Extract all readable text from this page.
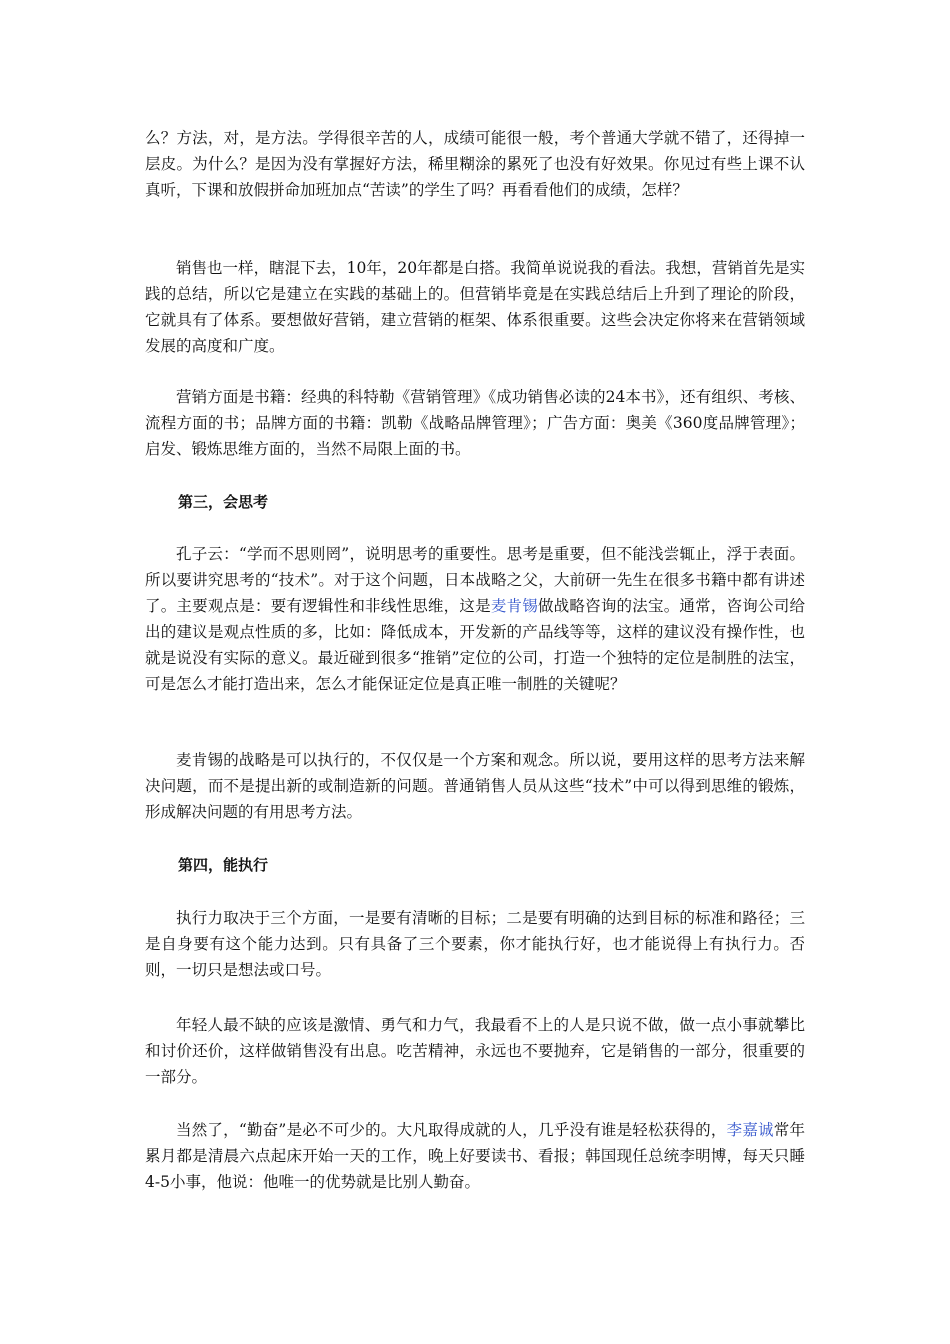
么？方法，对，是方法。学得很辛苦的人，成绩可能很一般，考个普通大学就不错了，还得掉一层皮。为什么？是因为没有掌握好方法，稀里糊涂的累死了也没有好效果。你见过有些上课不认真听，下课和放假拼命加班加点“苦读”的学生了吗？再看看他们的成绩，怎样？

销售也一样，瞎混下去，10年，20年都是白搭。我简单说说我的看法。我想，营销首先是实践的总结，所以它是建立在实践的基础上的。但营销毕竟是在实践总结后上升到了理论的阶段，它就具有了体系。要想做好营销，建立营销的框架、体系很重要。这些会决定你将来在营销领域发展的高度和广度。

营销方面是书籍：经典的科特勒《营销管理》《成功销售必读的24本书》，还有组织、考核、流程方面的书；品牌方面的书籍：凯勒《战略品牌管理》；广告方面：奥美《360度品牌管理》；启发、锻炼思维方面的，当然不局限上面的书。

第三，会思考

孔子云：“学而不思则罔”，说明思考的重要性。思考是重要，但不能浅尝辄止，浮于表面。所以要讲究思考的“技术”。对于这个问题，日本战略之父，大前研一先生在很多书籍中都有讲述了。主要观点是：要有逻辑性和非线性思维，这是麦肯锡做战略咨询的法宝。通常，咨询公司给出的建议是观点性质的多，比如：降低成本，开发新的产品线等等，这样的建议没有操作性，也就是说没有实际的意义。最近碰到很多“推销”定位的公司，打造一个独特的定位是制胜的法宝，可是怎么才能打造出来，怎么才能保证定位是真正唯一制胜的关键呢？

麦肯锡的战略是可以执行的，不仅仅是一个方案和观念。所以说，要用这样的思考方法来解决问题，而不是提出新的或制造新的问题。普通销售人员从这些“技术”中可以得到思维的锻炼，形成解决问题的有用思考方法。

第四，能执行

执行力取决于三个方面，一是要有清晰的目标；二是要有明确的达到目标的标准和路径；三是自身要有这个能力达到。只有具备了三个要素，你才能执行好，也才能说得上有执行力。否则，一切只是想法或口号。

年轻人最不缺的应该是激情、勇气和力气，我最看不上的人是只说不做，做一点小事就攀比和讨价还价，这样做销售没有出息。吃苦精神，永远也不要抛弃，它是销售的一部分，很重要的一部分。

当然了，“勤奋”是必不可少的。大凡取得成就的人，几乎没有谁是轻松获得的，李嘉诚常年累月都是清晨六点起床开始一天的工作，晚上好要读书、看报；韩国现任总统李明博，每天只睡4-5小事，他说：他唯一的优势就是比别人勤奋。
